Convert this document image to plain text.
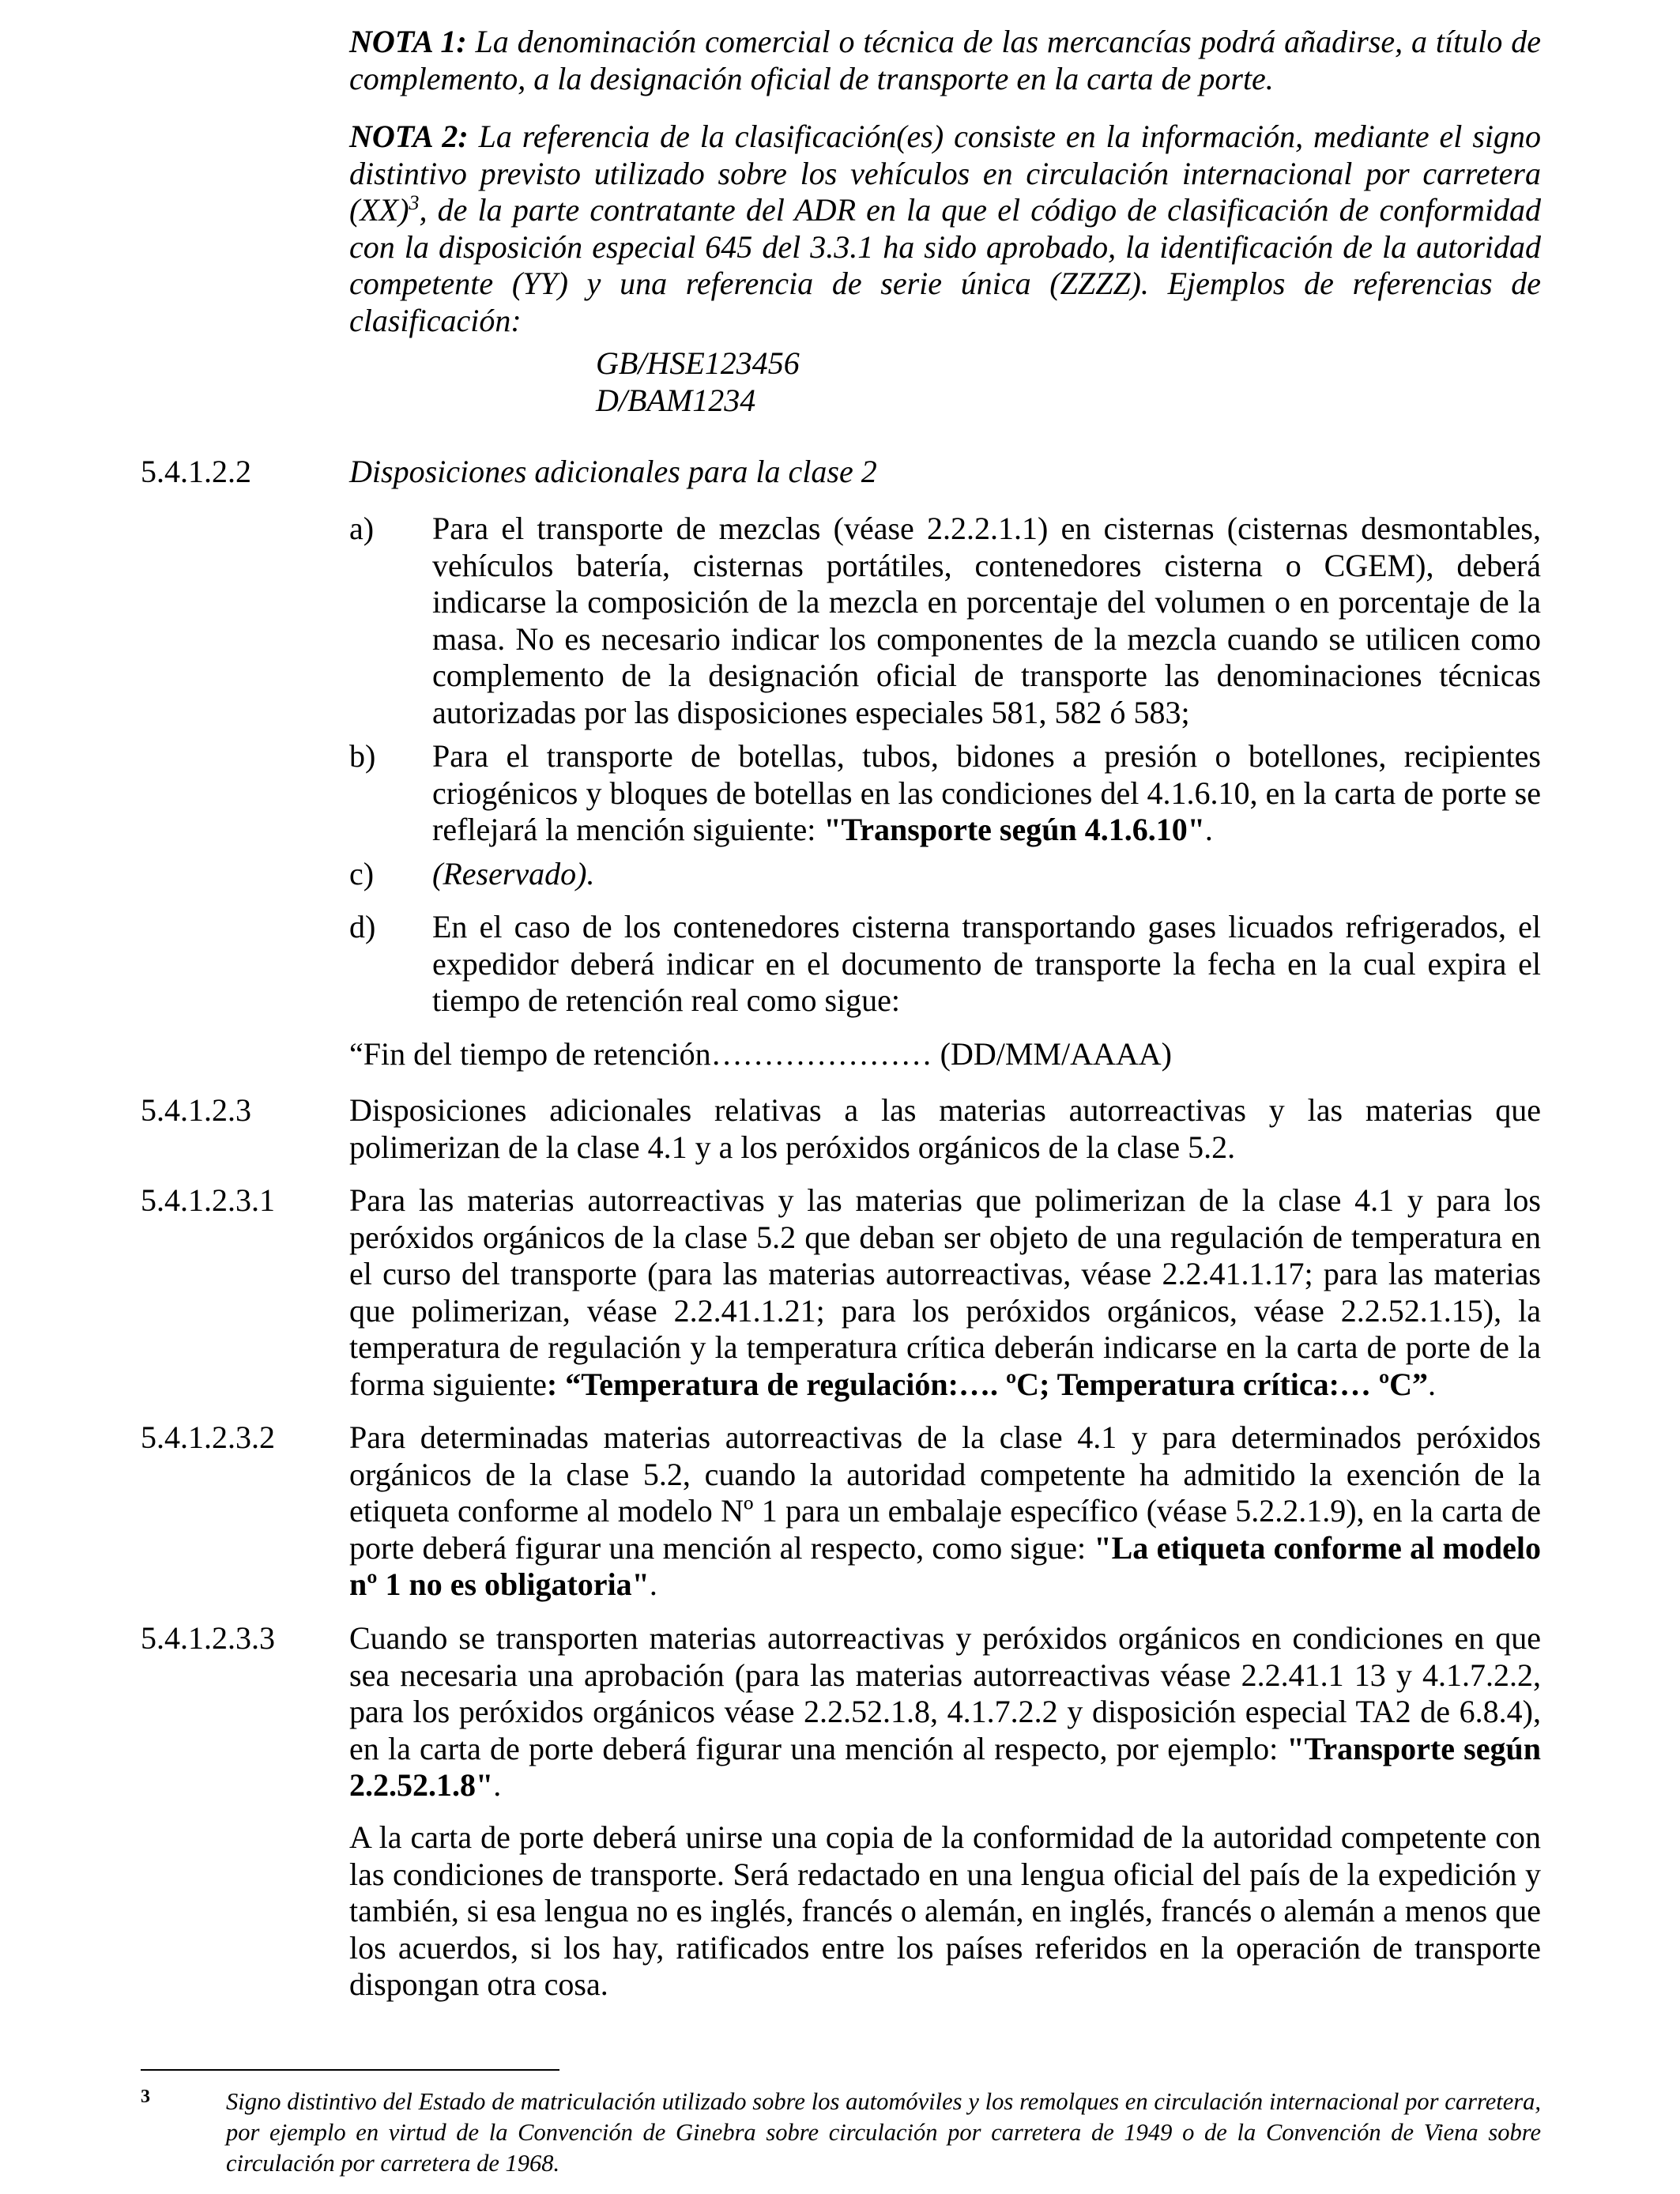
NOTA 1: La denominación comercial o técnica de las mercancías podrá añadirse, a título de complemento, a la designación oficial de transporte en la carta de porte.

NOTA 2: La referencia de la clasificación(es) consiste en la información, mediante el signo distintivo previsto utilizado sobre los vehículos en circulación internacional por carretera (XX)$^3$, de la parte contratante del ADR en la que el código de clasificación de conformidad con la disposición especial 645 del 3.3.1 ha sido aprobado, la identificación de la autoridad competente (YY) y una referencia de serie única (ZZZZ). Ejemplos de referencias de clasificación:

GB/HSE123456
D/BAM1234
5.4.1.2.2	Disposiciones adicionales para la clase 2
a) Para el transporte de mezclas (véase 2.2.2.1.1) en cisternas (cisternas desmontables, vehículos batería, cisternas portátiles, contenedores cisterna o CGEM), deberá indicarse la composición de la mezcla en porcentaje del volumen o en porcentaje de la masa. No es necesario indicar los componentes de la mezcla cuando se utilicen como complemento de la designación oficial de transporte las denominaciones técnicas autorizadas por las disposiciones especiales 581, 582 ó 583;
b) Para el transporte de botellas, tubos, bidones a presión o botellones, recipientes criogénicos y bloques de botellas en las condiciones del 4.1.6.10, en la carta de porte se reflejará la mención siguiente: "Transporte según 4.1.6.10".
c) (Reservado).
d) En el caso de los contenedores cisterna transportando gases licuados refrigerados, el expedidor deberá indicar en el documento de transporte la fecha en la cual expira el tiempo de retención real como sigue:
“Fin del tiempo de retención………………… (DD/MM/AAAA)
5.4.1.2.3	Disposiciones adicionales relativas a las materias autorreactivas y las materias que polimerizan de la clase 4.1 y a los peróxidos orgánicos de la clase 5.2.
5.4.1.2.3.1 Para las materias autorreactivas y las materias que polimerizan de la clase 4.1 y para los peróxidos orgánicos de la clase 5.2 que deban ser objeto de una regulación de temperatura en el curso del transporte (para las materias autorreactivas, véase 2.2.41.1.17; para las materias que polimerizan, véase 2.2.41.1.21; para los peróxidos orgánicos, véase 2.2.52.1.15), la temperatura de regulación y la temperatura crítica deberán indicarse en la carta de porte de la forma siguiente: “Temperatura de regulación:…. ºC; Temperatura crítica:… ºC”.
5.4.1.2.3.2 Para determinadas materias autorreactivas de la clase 4.1 y para determinados peróxidos orgánicos de la clase 5.2, cuando la autoridad competente ha admitido la exención de la etiqueta conforme al modelo Nº 1 para un embalaje específico (véase 5.2.2.1.9), en la carta de porte deberá figurar una mención al respecto, como sigue: "La etiqueta conforme al modelo nº 1 no es obligatoria".
5.4.1.2.3.3 Cuando se transporten materias autorreactivas y peróxidos orgánicos en condiciones en que sea necesaria una aprobación (para las materias autorreactivas véase 2.2.41.1 13 y 4.1.7.2.2, para los peróxidos orgánicos véase 2.2.52.1.8, 4.1.7.2.2 y disposición especial TA2 de 6.8.4), en la carta de porte deberá figurar una mención al respecto, por ejemplo: "Transporte según 2.2.52.1.8".
A la carta de porte deberá unirse una copia de la conformidad de la autoridad competente con las condiciones de transporte. Será redactado en una lengua oficial del país de la expedición y también, si esa lengua no es inglés, francés o alemán, en inglés, francés o alemán a menos que los acuerdos, si los hay, ratificados entre los países referidos en la operación de transporte dispongan otra cosa.
3	Signo distintivo del Estado de matriculación utilizado sobre los automóviles y los remolques en circulación internacional por carretera, por ejemplo en virtud de la Convención de Ginebra sobre circulación por carretera de 1949 o de la Convención de Viena sobre circulación por carretera de 1968.
